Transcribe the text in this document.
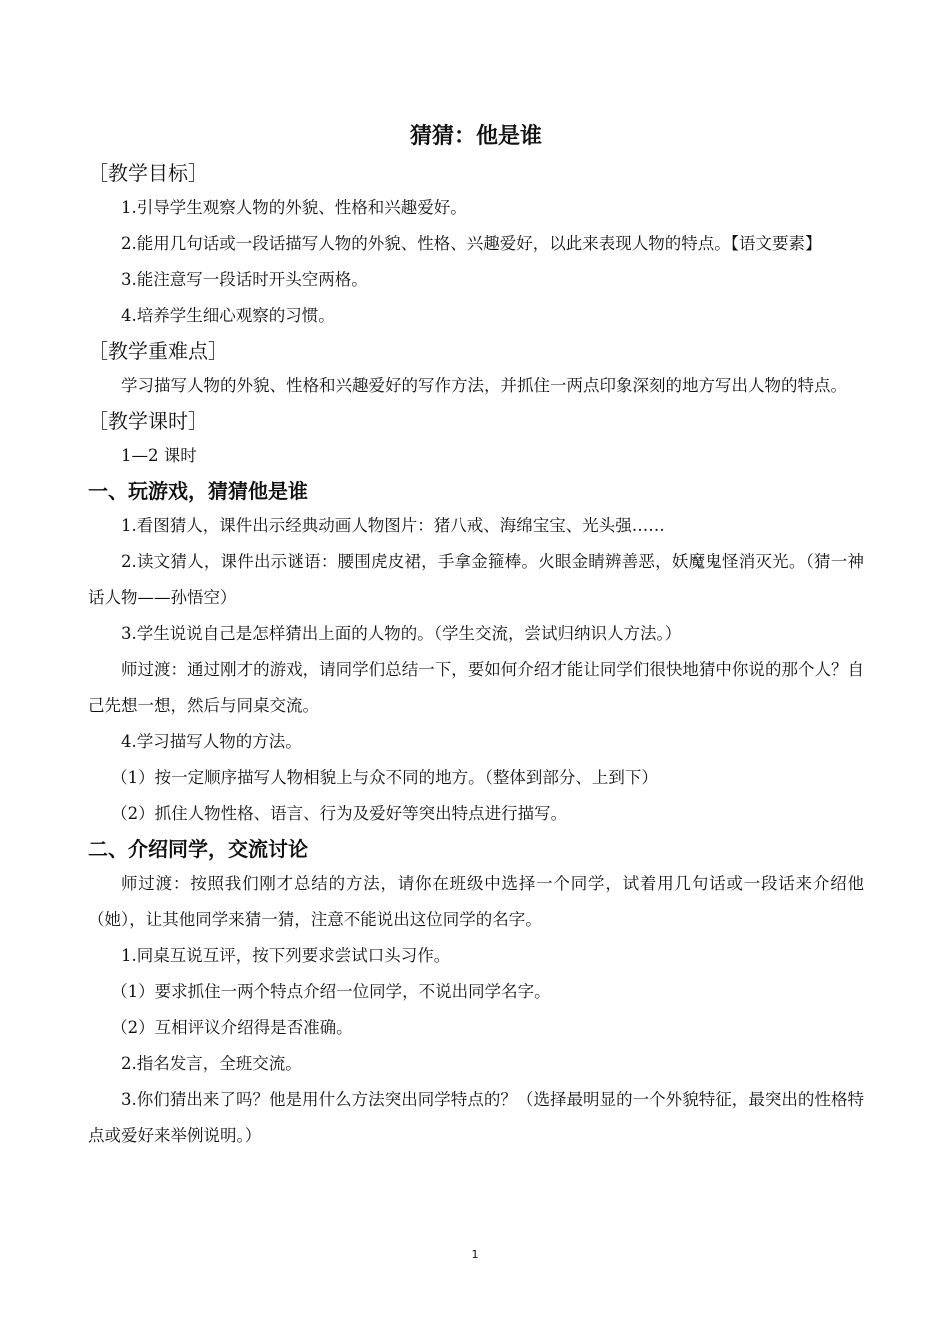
猜猜：他是谁
［教学目标］

1.引导学生观察人物的外貌、性格和兴趣爱好。

2.能用几句话或一段话描写人物的外貌、性格、兴趣爱好，以此来表现人物的特点。【语文要素】

3.能注意写一段话时开头空两格。

4.培养学生细心观察的习惯。

［教学重难点］

学习描写人物的外貌、性格和兴趣爱好的写作方法，并抓住一两点印象深刻的地方写出人物的特点。

［教学课时］

1—2 课时

一、玩游戏，猜猜他是谁

1.看图猜人，课件出示经典动画人物图片：猪八戒、海绵宝宝、光头强……

2.读文猜人，课件出示谜语：腰围虎皮裙，手拿金箍棒。火眼金睛辨善恶，妖魔鬼怪消灭光。（猜一神话人物——孙悟空）

3.学生说说自己是怎样猜出上面的人物的。（学生交流，尝试归纳识人方法。）

师过渡：通过刚才的游戏，请同学们总结一下，要如何介绍才能让同学们很快地猜中你说的那个人？自己先想一想，然后与同桌交流。

4.学习描写人物的方法。

（1）按一定顺序描写人物相貌上与众不同的地方。（整体到部分、上到下）

（2）抓住人物性格、语言、行为及爱好等突出特点进行描写。

二、介绍同学，交流讨论

师过渡：按照我们刚才总结的方法，请你在班级中选择一个同学，试着用几句话或一段话来介绍他（她），让其他同学来猜一猜，注意不能说出这位同学的名字。

1.同桌互说互评，按下列要求尝试口头习作。

（1）要求抓住一两个特点介绍一位同学，不说出同学名字。

（2）互相评议介绍得是否准确。

2.指名发言，全班交流。

3.你们猜出来了吗？他是用什么方法突出同学特点的？（选择最明显的一个外貌特征，最突出的性格特点或爱好来举例说明。）

1
